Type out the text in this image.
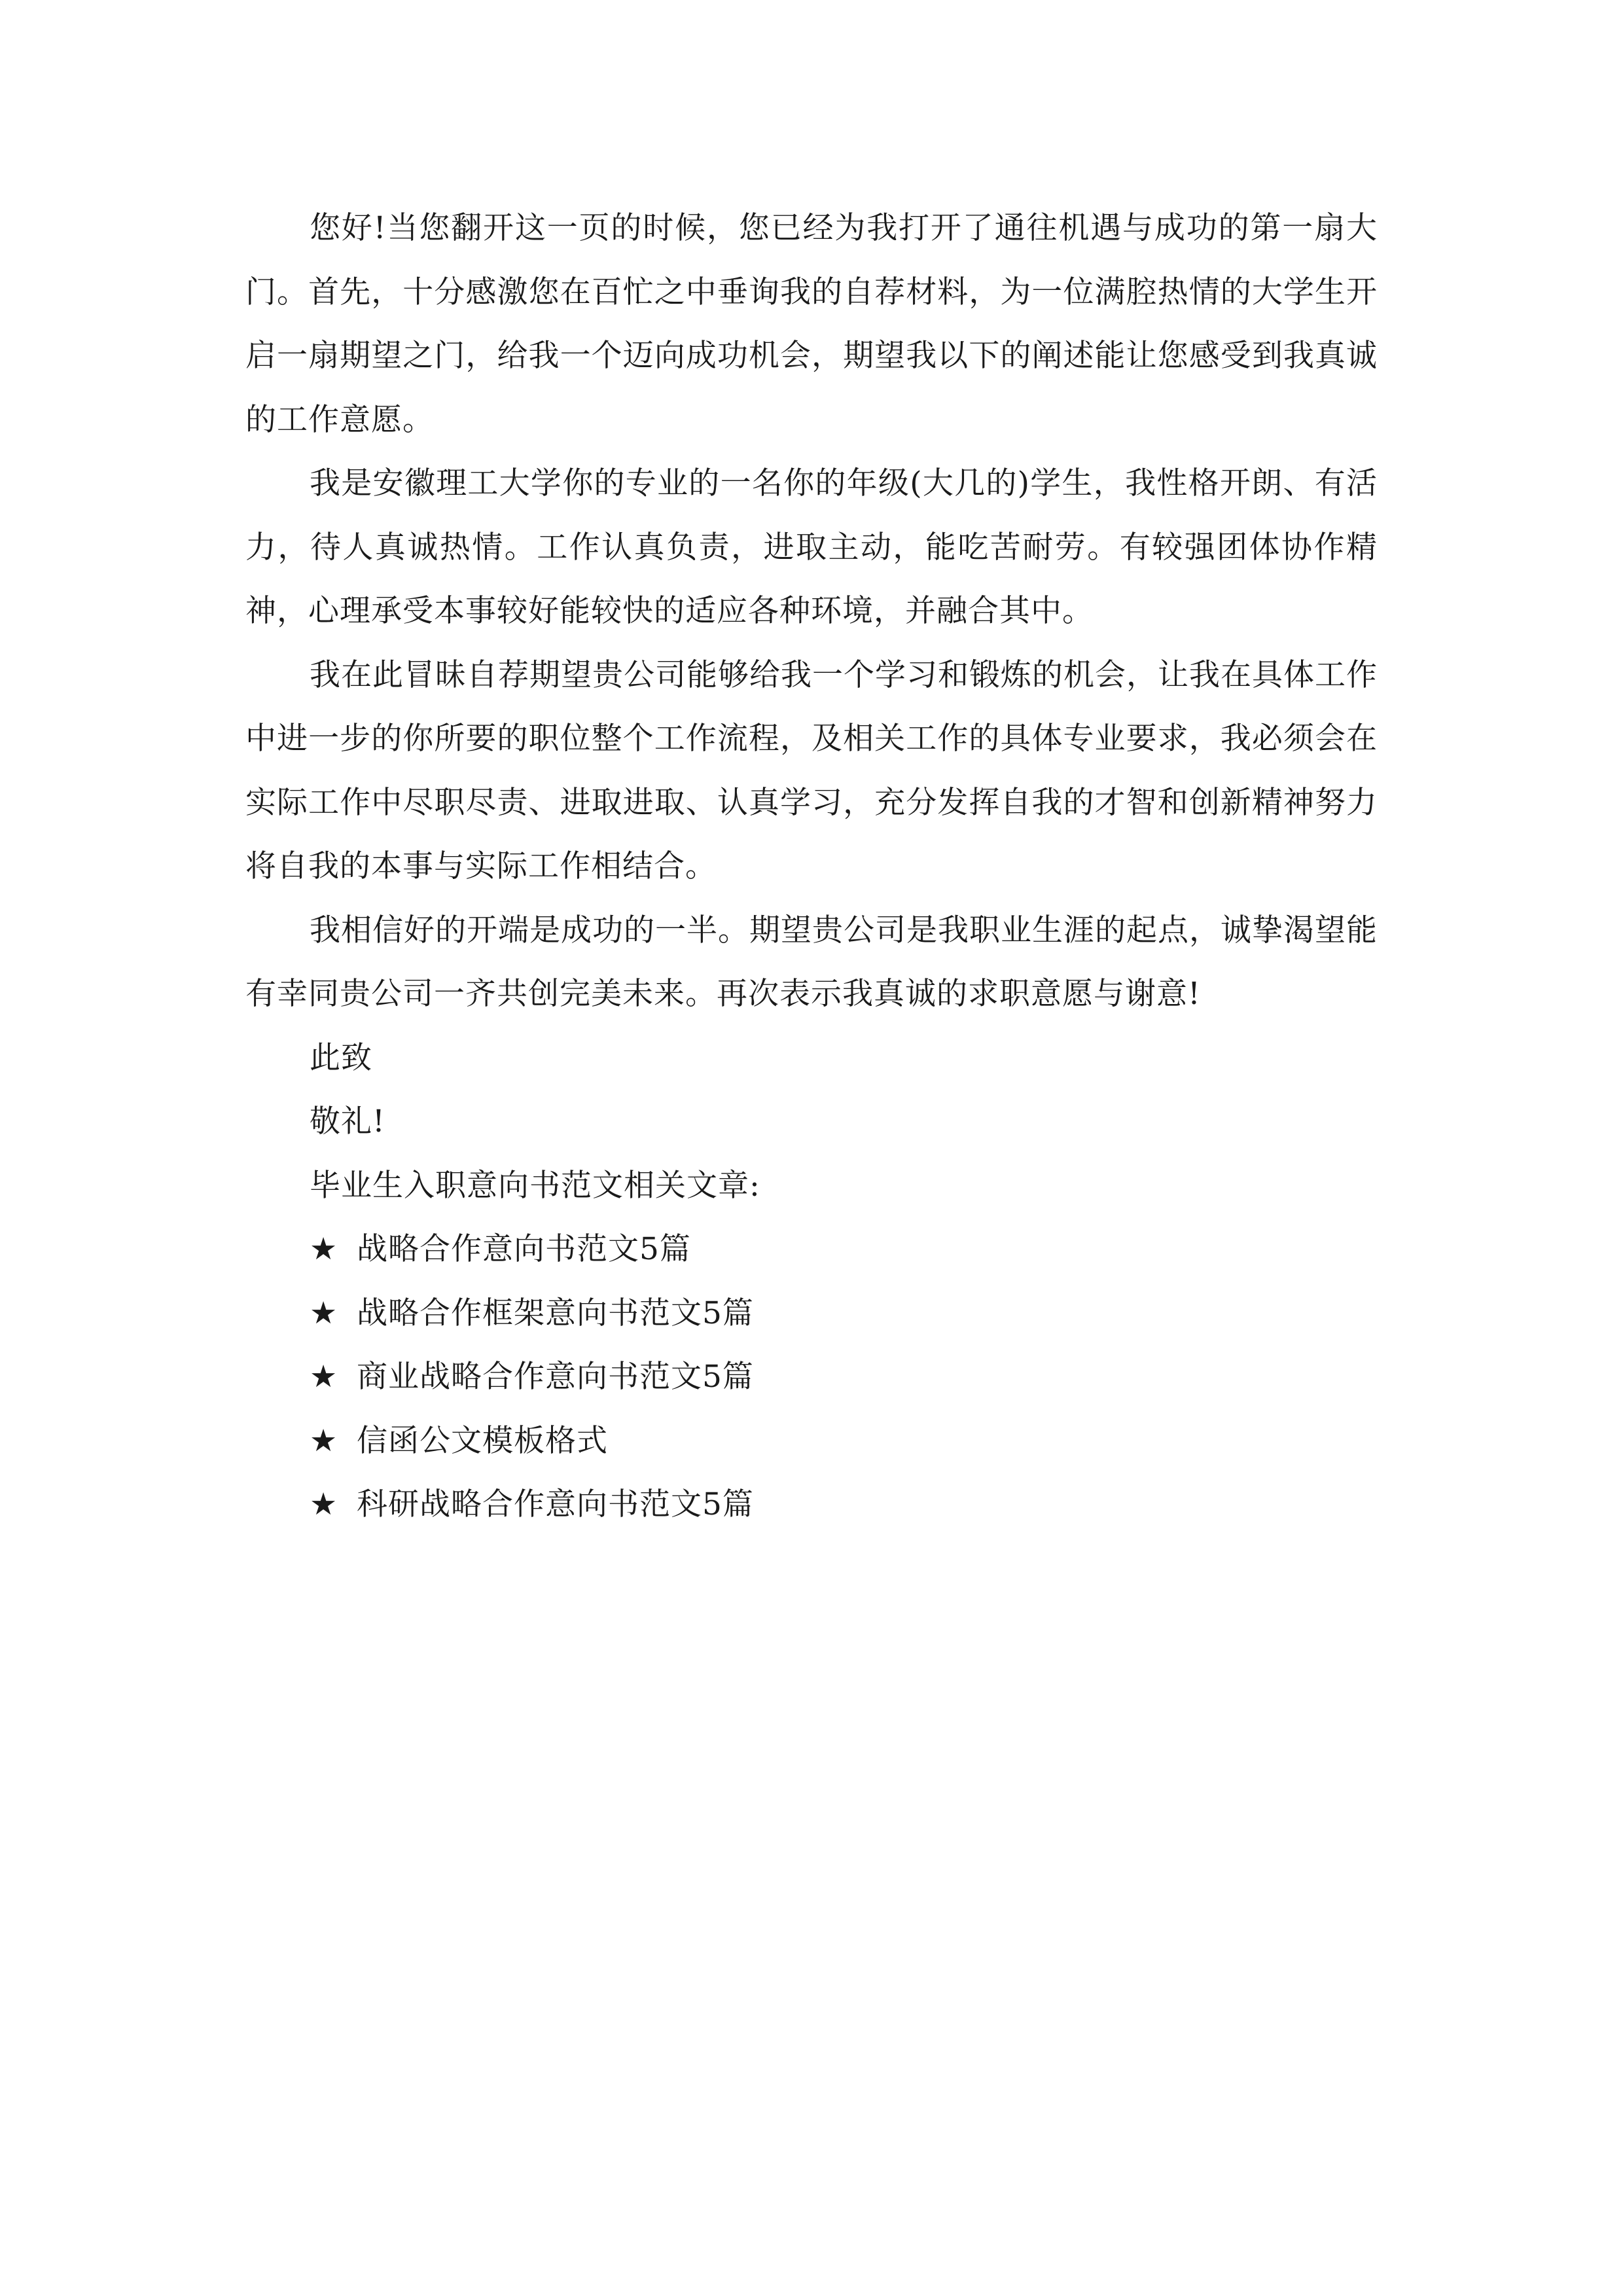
您好!当您翻开这一页的时候，您已经为我打开了通往机遇与成功的第一扇大门。首先，十分感激您在百忙之中垂询我的自荐材料，为一位满腔热情的大学生开启一扇期望之门，给我一个迈向成功机会，期望我以下的阐述能让您感受到我真诚的工作意愿。

我是安徽理工大学你的专业的一名你的年级(大几的)学生，我性格开朗、有活力，待人真诚热情。工作认真负责，进取主动，能吃苦耐劳。有较强团体协作精神，心理承受本事较好能较快的适应各种环境，并融合其中。

我在此冒昧自荐期望贵公司能够给我一个学习和锻炼的机会，让我在具体工作中进一步的你所要的职位整个工作流程，及相关工作的具体专业要求，我必须会在实际工作中尽职尽责、进取进取、认真学习，充分发挥自我的才智和创新精神努力将自我的本事与实际工作相结合。

我相信好的开端是成功的一半。期望贵公司是我职业生涯的起点，诚挚渴望能有幸同贵公司一齐共创完美未来。再次表示我真诚的求职意愿与谢意!

此致

敬礼!

毕业生入职意向书范文相关文章:

★ 战略合作意向书范文5篇
★ 战略合作框架意向书范文5篇
★ 商业战略合作意向书范文5篇
★ 信函公文模板格式
★ 科研战略合作意向书范文5篇
